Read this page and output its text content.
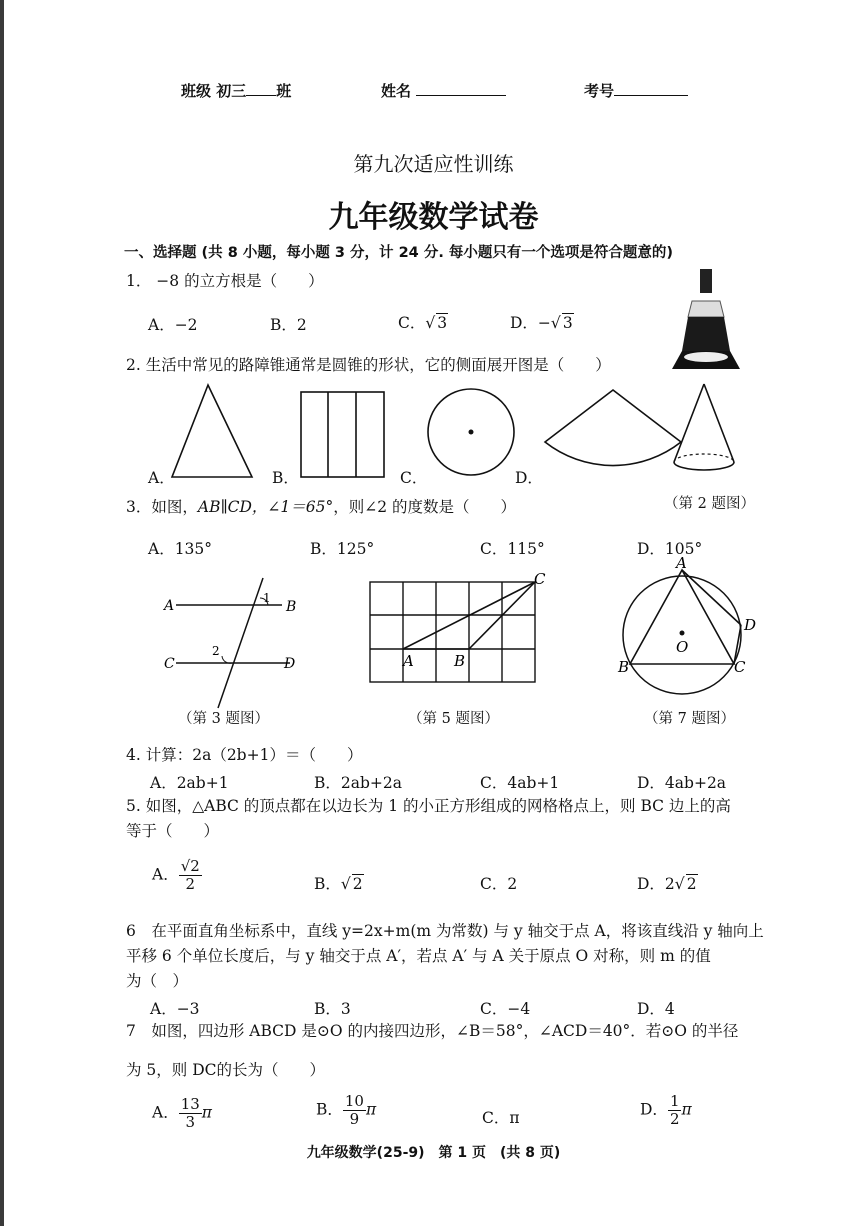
班级 初三 班	姓名	考号
第九次适应性训练
九年级数学试卷
一、选择题 (共 8 小题，每小题 3 分，计 24 分. 每小题只有一个选项是符合题意的)
1． −8 的立方根是（　　）
A．−2	B．2	C．√ 3	D．−√ 3
2. 生活中常见的路障锥通常是圆锥的形状，它的侧面展开图是（　　）
A．	B．	C．	D．
（第 2 题图）
3．如图，AB∥CD，∠1＝65°，则∠2 的度数是（　　）
A．135°	B．125°	C．115°	D．105°
A	B
C	D
1
2
（第 3 题图）
A	B
C
（第 5 题图）
A
B	C
D
O
（第 7 题图）
4. 计算：2a（2b+1）＝（　　）
A．2ab+1	B．2ab+2a	C．4ab+1	D．4ab+2a
5. 如图，△ABC 的顶点都在以边长为 1 的小正方形组成的网格格点上，则 BC 边上的高
等于（　　）
A． $\frac{√2}{2}$	B．√ 2	C．2	D．2√ 2
6　在平面直角坐标系中，直线 y=2x+m(m 为常数) 与 y 轴交于点 A，将该直线沿 y 轴向上
平移 6 个单位长度后，与 y 轴交于点 A′，若点 A′ 与 A 关于原点 O 对称，则 m 的值
为（　）
A．−3	B．3	C．−4	D．4
7　如图，四边形 ABCD 是⊙O 的内接四边形，∠B＝58°，∠ACD＝40°．若⊙O 的半径
为 5，则 DC的长为（　　）
A． $\frac{13}{3}$ π	B． $\frac{10}{9}$ π	C．π	D． $\frac{1}{2}$ π
九年级数学(25-9)　第 1 页　(共 8 页)
